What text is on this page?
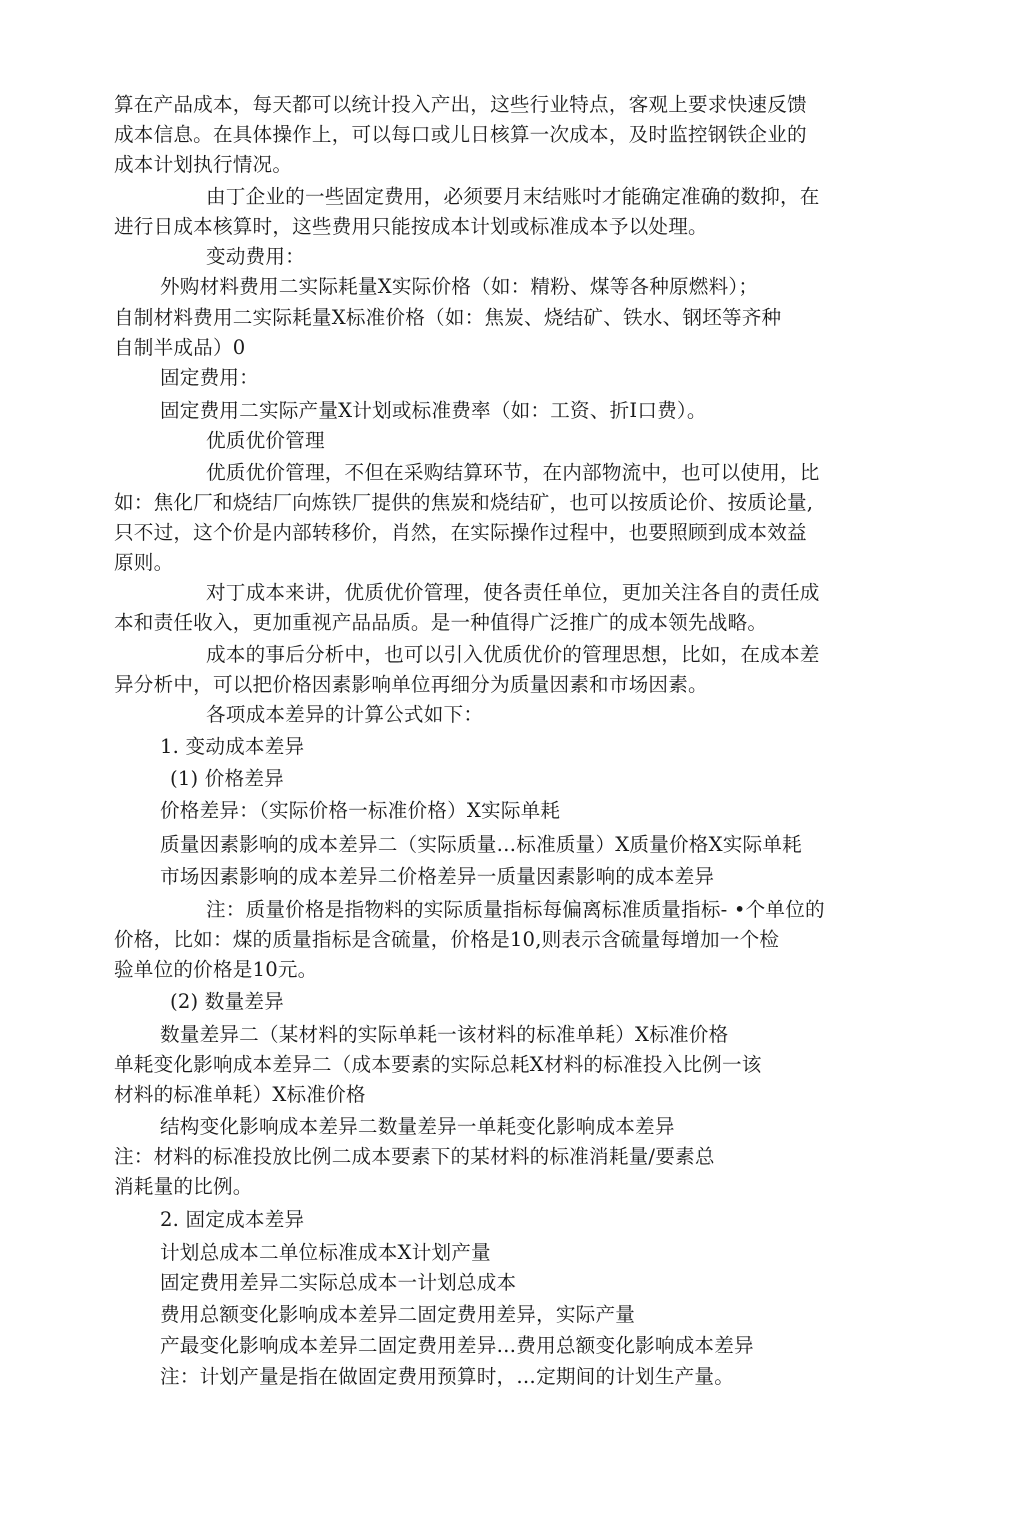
算在产品成本，每天都可以统计投入产出，这些行业特点，客观上要求快速反馈
成本信息。在具体操作上，可以每口或儿日核算一次成本，及时监控钢铁企业的
成本计划执行情况。
由丁企业的一些固定费用，必须要月末结账吋才能确定准确的数抑，在
进行日成本核算时，这些费用只能按成本计划或标准成本予以处理。
变动费用：
外购材料费用二实际耗量X实际价格（如：精粉、煤等各种原燃料）；
自制材料费用二实际耗量X标准价格（如：焦炭、烧结矿、铁水、钢坯等齐种
自制半成品）0
固定费用：
固定费用二实际产量X计划或标准费率（如：工资、折I口费）。
优质优价管理
优质优价管理，不但在采购结算环节，在内部物流中，也可以使用，比
如：焦化厂和烧结厂向炼铁厂提供的焦炭和烧结矿，也可以按质论价、按质论量,
只不过，这个价是内部转移价，肖然，在实际操作过程中，也要照顾到成本效益
原则。
对丁成本来讲，优质优价管理，使各责任单位，更加关注各自的责任成
本和责任收入，更加重视产品品质。是一种值得广泛推广的成本领先战略。
成本的事后分析中，也可以引入优质优价的管理思想，比如，在成本差
异分析中，可以把价格因素影响单位再细分为质量因素和市场因素。
各项成本差异的计算公式如下：
1. 变动成本差异
(1) 价格差异
价格差异：（实际价格一标准价格）X实际单耗
质量因素影响的成本差异二（实际质量…标准质量）X质量价格X实际单耗
市场因素影响的成本差异二价格差异一质量因素影响的成本差异
注：质量价格是指物料的实际质量指标每偏离标准质量指标- •个单位的
价格，比如：煤的质量指标是含硫量，价格是10,则表示含硫量每增加一个检
验单位的价格是10元。
(2) 数量差异
数量差异二（某材料的实际单耗一该材料的标准单耗）X标准价格
单耗变化影响成本差异二（成本要素的实际总耗X材料的标准投入比例一该
材料的标准单耗）X标准价格
结构变化影响成本差异二数量差异一单耗变化影响成本差异
注：材料的标准投放比例二成本要素下的某材料的标准消耗量/要素总
消耗量的比例。
2. 固定成本差异
计划总成本二单位标准成本X计划产量
固定费用差异二实际总成本一计划总成本
费用总额变化影响成本差异二固定费用差异，实际产量
产最变化影响成本差异二固定费用差异…费用总额变化影响成本差异
注：计划产量是指在做固定费用预算时，…定期间的计划生产量。
